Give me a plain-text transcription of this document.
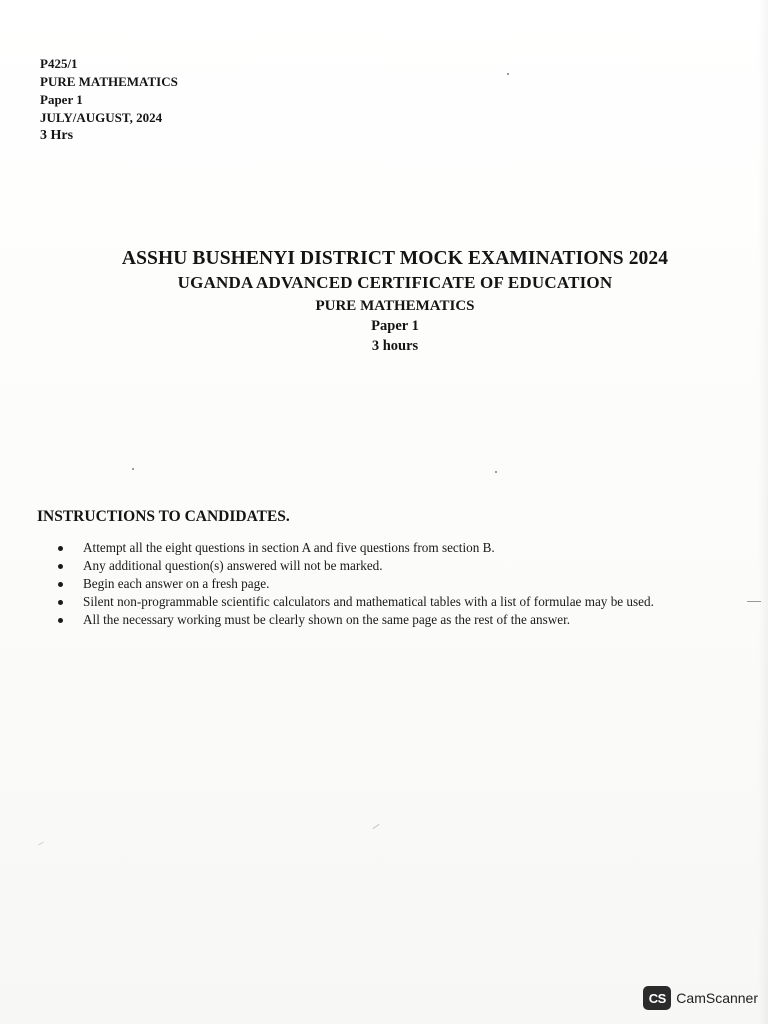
P425/1
PURE MATHEMATICS
Paper 1
JULY/AUGUST, 2024
3 Hrs
ASSHU BUSHENYI DISTRICT MOCK EXAMINATIONS 2024
UGANDA ADVANCED CERTIFICATE OF EDUCATION
PURE MATHEMATICS
Paper 1
3 hours
INSTRUCTIONS TO CANDIDATES.
Attempt all the eight questions in section A and five questions from section B.
Any additional question(s) answered will not be marked.
Begin each answer on a fresh page.
Silent non-programmable scientific calculators and mathematical tables with a list of formulae may be used.
All the necessary working must be clearly shown on the same page as the rest of the answer.
CS CamScanner
